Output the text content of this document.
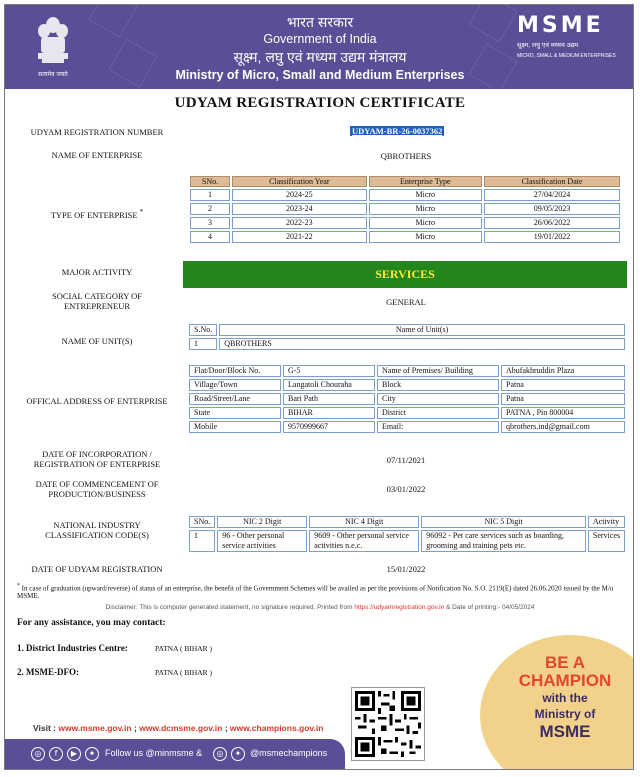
सत्यमेव जयते
भारत सरकार
Government of India
सूक्ष्म, लघु एवं मध्यम उद्यम मंत्रालय
Ministry of Micro, Small and Medium Enterprises
MSME
सूक्ष्म, लघु एवं मध्यम उद्यम
MICRO, SMALL & MEDIUM ENTERPRISES
UDYAM REGISTRATION CERTIFICATE
UDYAM REGISTRATION NUMBER	UDYAM-BR-26-0037362
NAME OF ENTERPRISE	QBROTHERS
TYPE OF ENTERPRISE *
SNo.	Classification Year	Enterprise Type	Classification Date
1	2024-25	Micro	27/04/2024
2	2023-24	Micro	09/05/2023
3	2022-23	Micro	26/06/2022
4	2021-22	Micro	19/01/2022
MAJOR ACTIVITY	SERVICES
SOCIAL CATEGORY OF
ENTREPRENEUR	GENERAL
NAME OF UNIT(S)
S.No.	Name of Unit(s)
1	QBROTHERS
OFFICAL ADDRESS OF ENTERPRISE
Flat/Door/Block No.	G-5	Name of Premises/ Building	Abufakhruddin Plaza
Village/Town	Langatoli Chouraha	Block	Patna
Road/Street/Lane	Bari Path	City	Patna
State	BIHAR	District	PATNA , Pin 800004
Mobile	9570999667	Email:	qbrothers.ind@gmail.com
DATE OF INCORPORATION /
REGISTRATION OF ENTERPRISE	07/11/2021
DATE OF COMMENCEMENT OF
PRODUCTION/BUSINESS	03/01/2022
NATIONAL INDUSTRY
CLASSIFICATION CODE(S)
SNo.	NIC 2 Digit	NIC 4 Digit	NIC 5 Digit	Activity
1	96 - Other personal service activities	9609 - Other personal service activities n.e.c.	96092 - Pet care services such as boarding, grooming and training pets etc.	Services
DATE OF UDYAM REGISTRATION	15/01/2022
* In case of graduation (upward/reverse) of status of an enterprise, the benefit of the Government Schemes will be availed as per the provisions of Notification No. S.O. 2119(E) dated 26.06.2020 issued by the M/o MSME.
Disclaimer: This is computer generated statement, no signature required. Printed from https://udyamregistration.gov.in & Date of printing:- 04/05/2024
For any assistance, you may contact:
1. District Industries Centre:	PATNA ( BIHAR )
2. MSME-DFO:	PATNA ( BIHAR )
BE A
CHAMPION
with the
Ministry of
MSME
Visit : www.msme.gov.in ; www.dcmsme.gov.in ; www.champions.gov.in
◎	f	▶	✦	Follow us @minmsme &	◎	✦ @msmechampions
